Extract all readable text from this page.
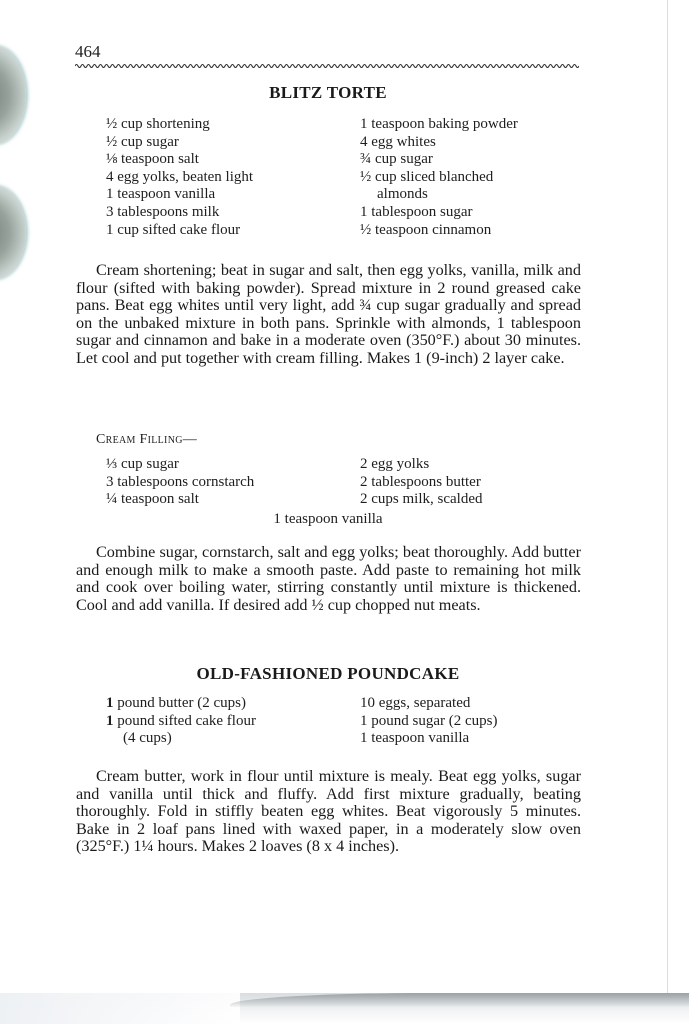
464
BLITZ TORTE
½ cup shortening
½ cup sugar
⅛ teaspoon salt
4 egg yolks, beaten light
1 teaspoon vanilla
3 tablespoons milk
1 cup sifted cake flour
1 teaspoon baking powder
4 egg whites
¾ cup sugar
½ cup sliced blanched
almonds
1 tablespoon sugar
½ teaspoon cinnamon

Cream shortening; beat in sugar and salt, then egg yolks, vanilla, milk and flour (sifted with baking powder). Spread mixture in 2 round greased cake pans. Beat egg whites until very light, add ¾ cup sugar gradually and spread on the unbaked mixture in both pans. Sprinkle with almonds, 1 tablespoon sugar and cinnamon and bake in a moderate oven (350°F.) about 30 minutes. Let cool and put together with cream filling. Makes 1 (9-inch) 2 layer cake.

Cream Filling—
⅓ cup sugar
3 tablespoons cornstarch
¼ teaspoon salt
2 egg yolks
2 tablespoons butter
2 cups milk, scalded
1 teaspoon vanilla

Combine sugar, cornstarch, salt and egg yolks; beat thoroughly. Add butter and enough milk to make a smooth paste. Add paste to remaining hot milk and cook over boiling water, stirring constantly until mixture is thickened. Cool and add vanilla. If desired add ½ cup chopped nut meats.

OLD-FASHIONED POUNDCAKE
1 pound butter (2 cups)
1 pound sifted cake flour
(4 cups)
10 eggs, separated
1 pound sugar (2 cups)
1 teaspoon vanilla

Cream butter, work in flour until mixture is mealy. Beat egg yolks, sugar and vanilla until thick and fluffy. Add first mixture gradually, beating thoroughly. Fold in stiffly beaten egg whites. Beat vigorously 5 minutes. Bake in 2 loaf pans lined with waxed paper, in a moderately slow oven (325°F.) 1¼ hours. Makes 2 loaves (8 x 4 inches).
